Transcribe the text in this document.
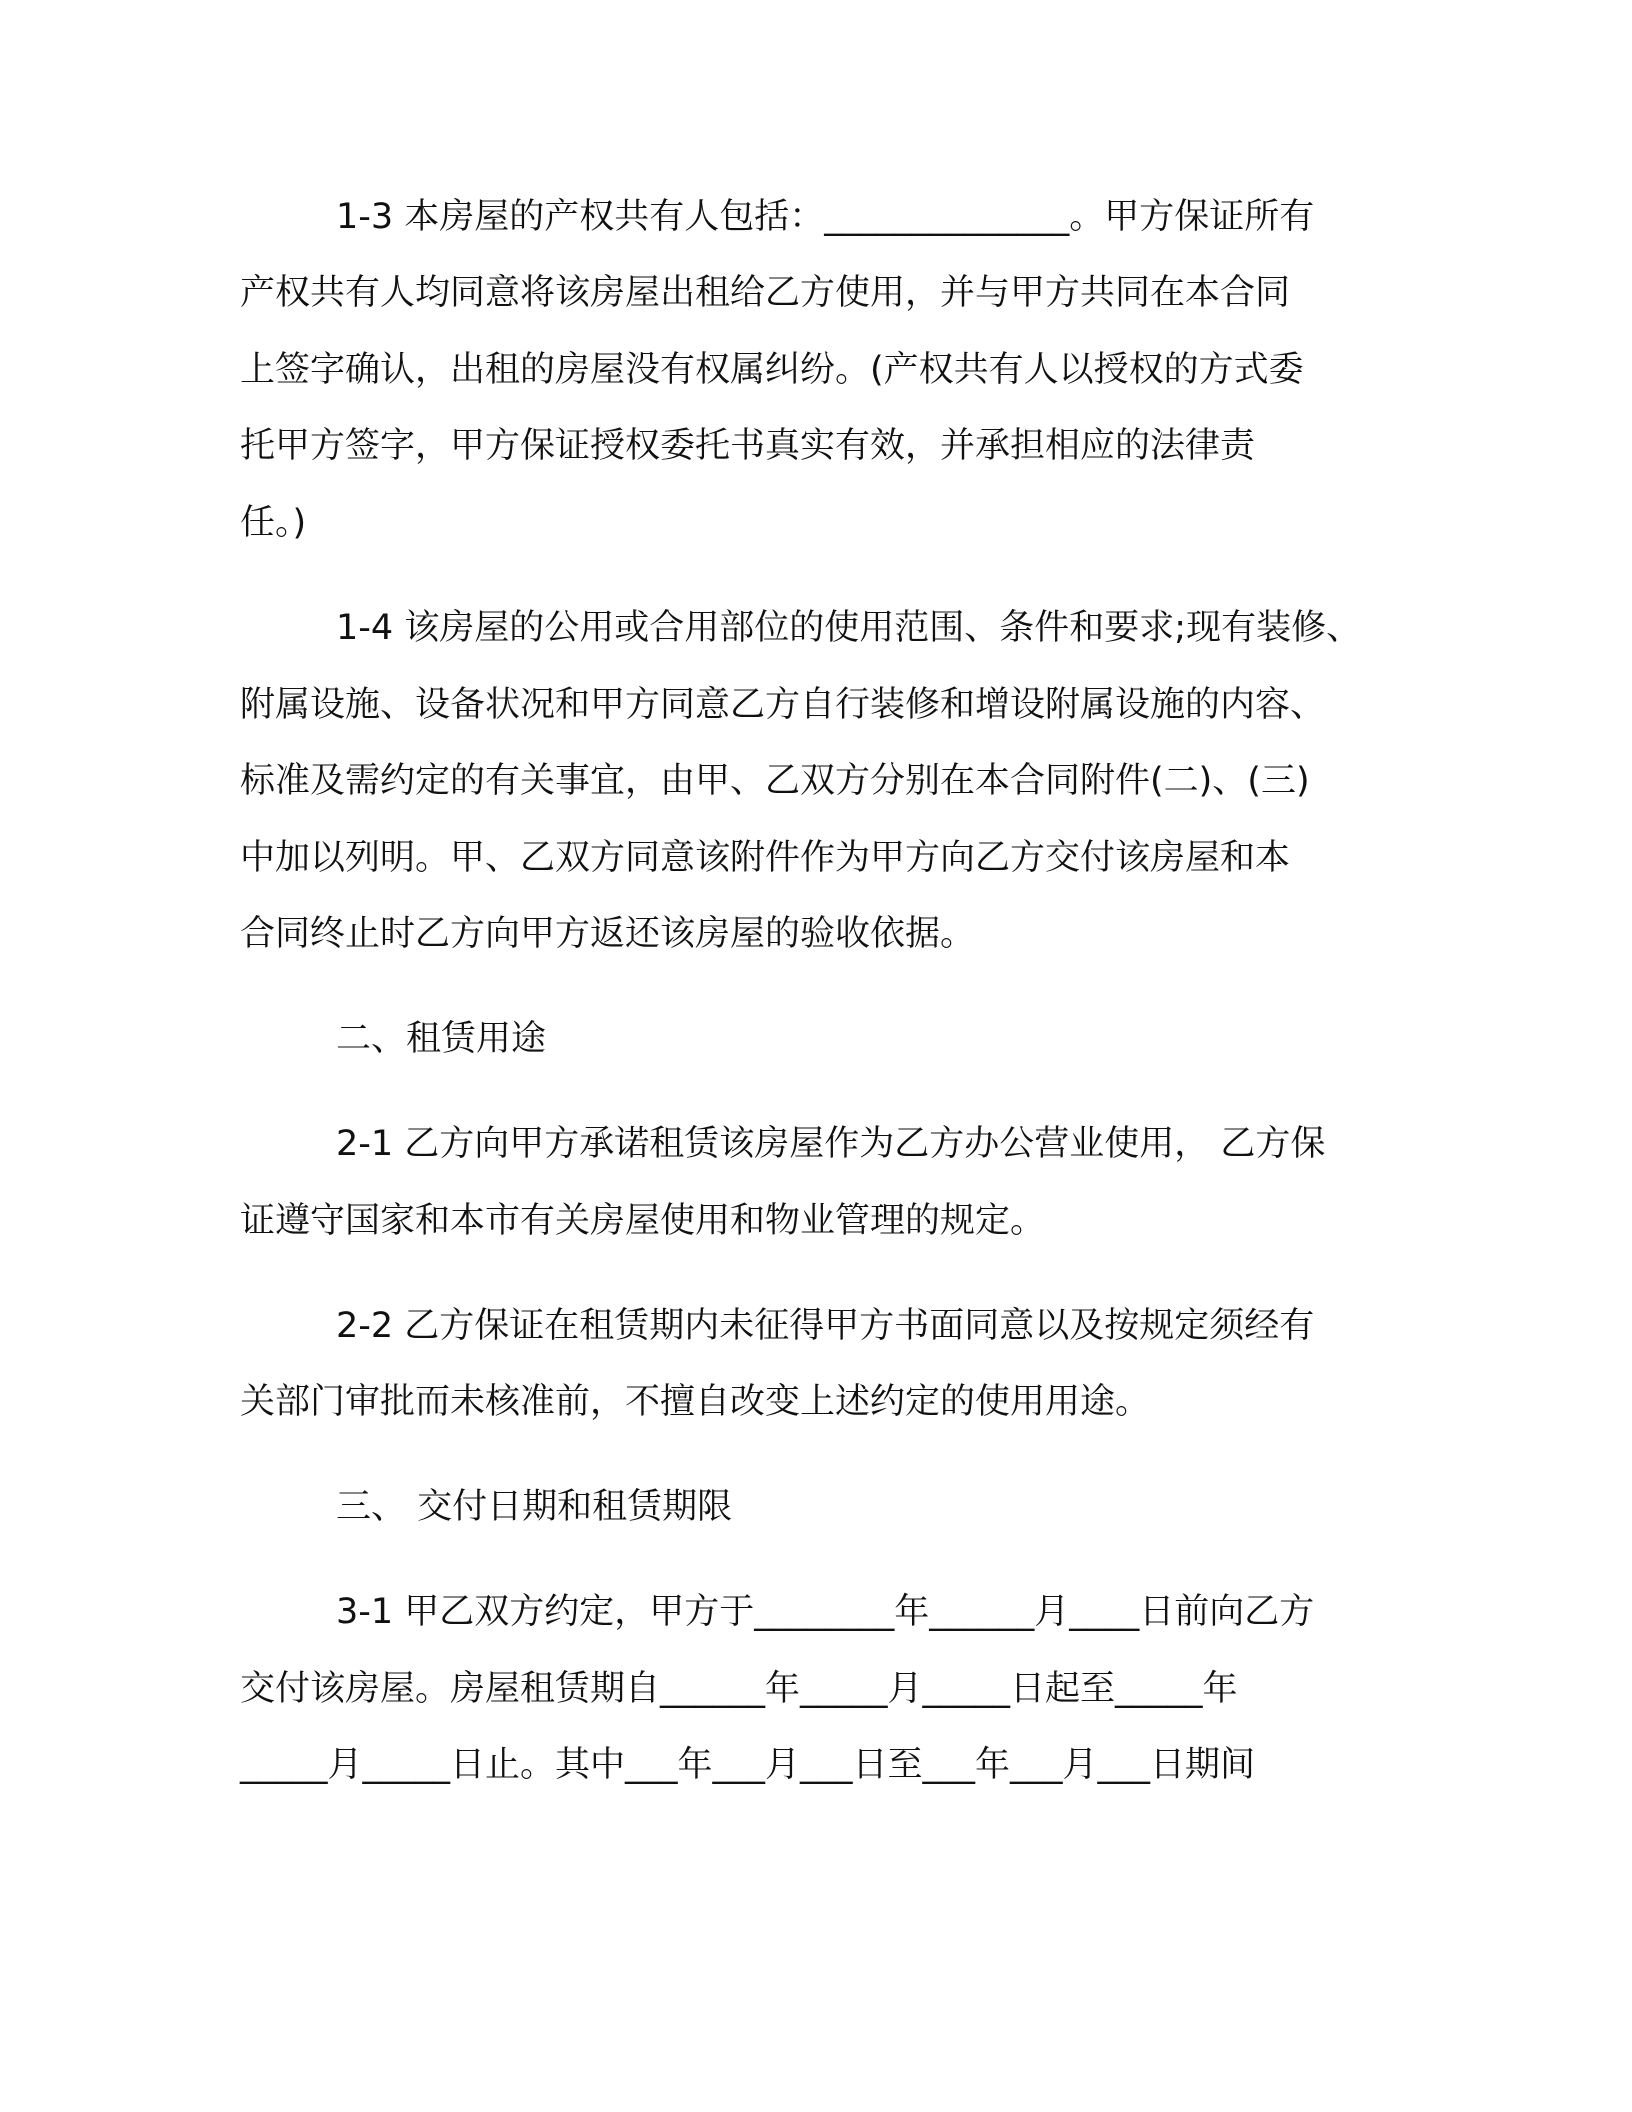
1-3 本房屋的产权共有人包括：______________。甲方保证所有
产权共有人均同意将该房屋出租给乙方使用，并与甲方共同在本合同
上签字确认，出租的房屋没有权属纠纷。(产权共有人以授权的方式委
托甲方签字，甲方保证授权委托书真实有效，并承担相应的法律责
任。)
1-4 该房屋的公用或合用部位的使用范围、条件和要求;现有装修、
附属设施、设备状况和甲方同意乙方自行装修和增设附属设施的内容、
标准及需约定的有关事宜，由甲、乙双方分别在本合同附件(二)、(三)
中加以列明。甲、乙双方同意该附件作为甲方向乙方交付该房屋和本
合同终止时乙方向甲方返还该房屋的验收依据。
二、租赁用途
2-1 乙方向甲方承诺租赁该房屋作为乙方办公营业使用， 乙方保
证遵守国家和本市有关房屋使用和物业管理的规定。
2-2 乙方保证在租赁期内未征得甲方书面同意以及按规定须经有
关部门审批而未核准前，不擅自改变上述约定的使用用途。
三、 交付日期和租赁期限
3-1 甲乙双方约定，甲方于________年______月____日前向乙方
交付该房屋。房屋租赁期自______年_____月_____日起至_____年
_____月_____日止。其中___年___月___日至___年___月___日期间
